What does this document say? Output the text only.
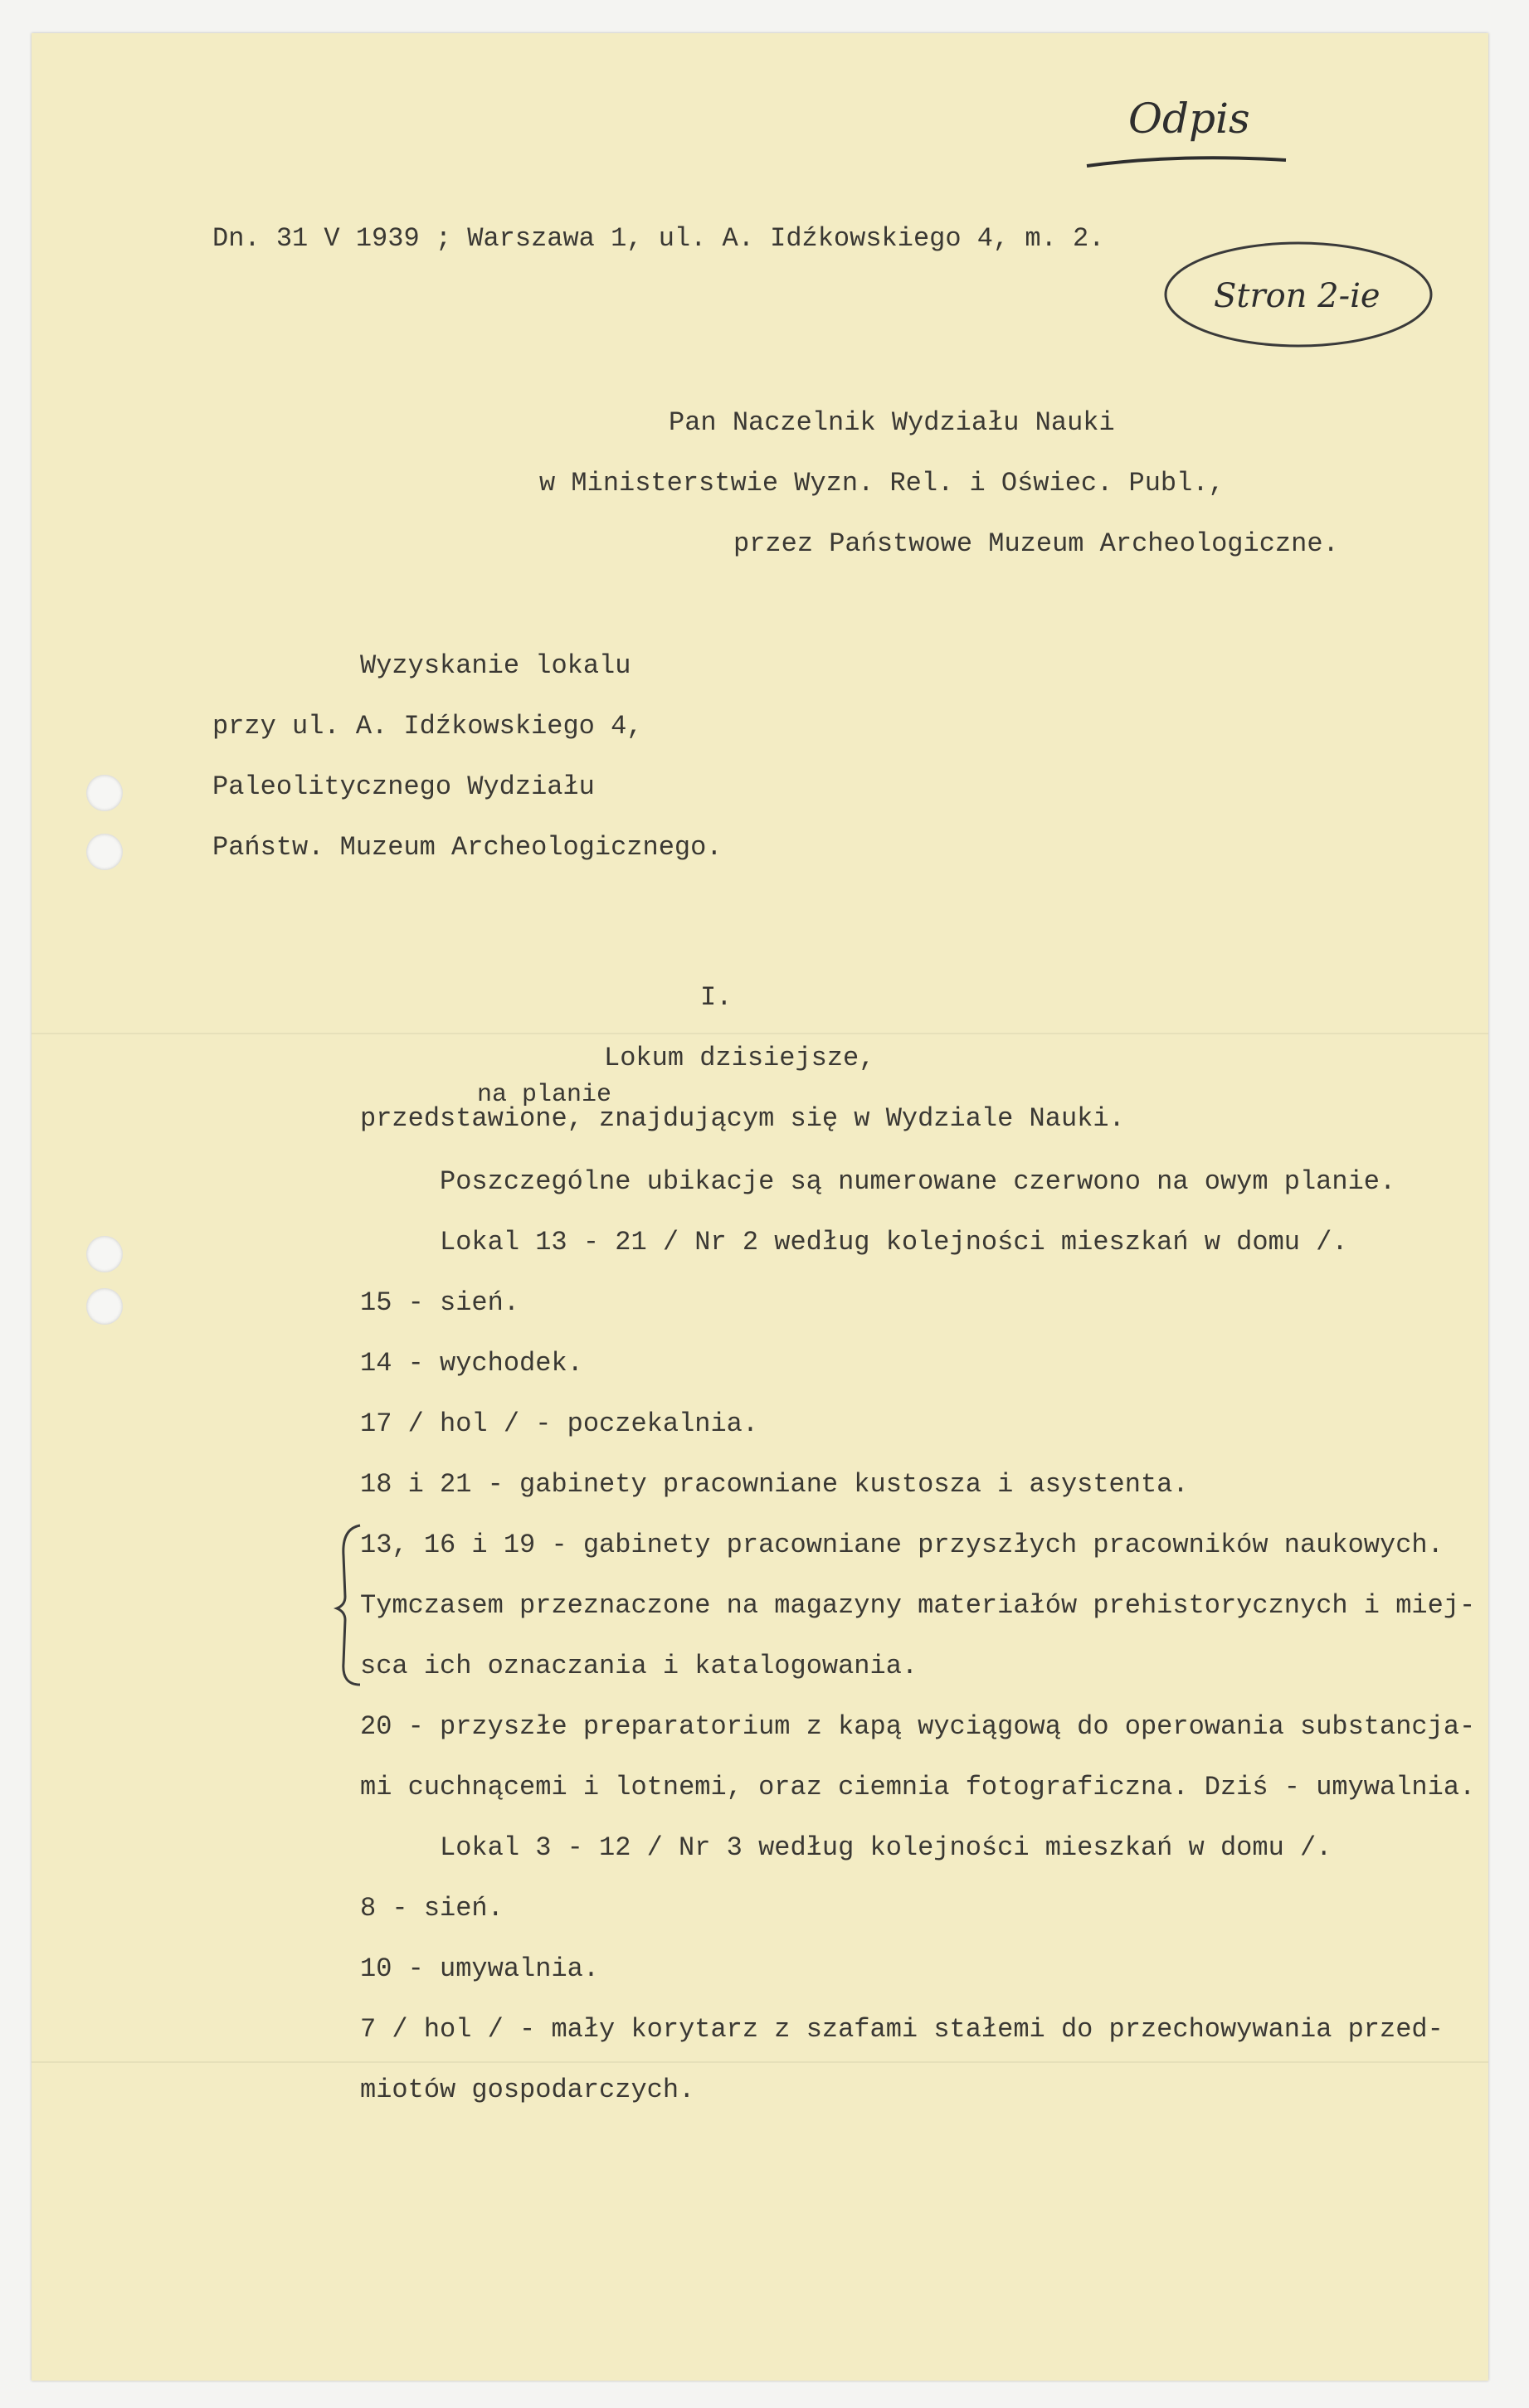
Odpis
Stron 2-ie
Dn. 31 V 1939 ; Warszawa 1, ul. A. Idźkowskiego 4, m. 2.
Pan Naczelnik Wydziału Nauki
w Ministerstwie Wyzn. Rel. i Oświec. Publ.,
przez Państwowe Muzeum Archeologiczne.
Wyzyskanie lokalu
przy ul. A. Idźkowskiego 4,
Paleolitycznego Wydziału
Państw. Muzeum Archeologicznego.
I.
Lokum dzisiejsze,
na planie
przedstawione, znajdującym się w Wydziale Nauki.
Poszczególne ubikacje są numerowane czerwono na owym planie.
Lokal 13 - 21 / Nr 2 według kolejności mieszkań w domu /.
15 - sień.
14 - wychodek.
17 / hol / - poczekalnia.
18 i 21 - gabinety pracowniane kustosza i asystenta.
13, 16 i 19 - gabinety pracowniane przyszłych pracowników naukowych.
Tymczasem przeznaczone na magazyny materiałów prehistorycznych i miej-
sca ich oznaczania i katalogowania.
20 - przyszłe preparatorium z kapą wyciągową do operowania substancja-
mi cuchnącemi i lotnemi, oraz ciemnia fotograficzna. Dziś - umywalnia.
Lokal 3 - 12 / Nr 3 według kolejności mieszkań w domu /.
8 - sień.
10 - umywalnia.
7 / hol / - mały korytarz z szafami stałemi do przechowywania przed-
miotów gospodarczych.
